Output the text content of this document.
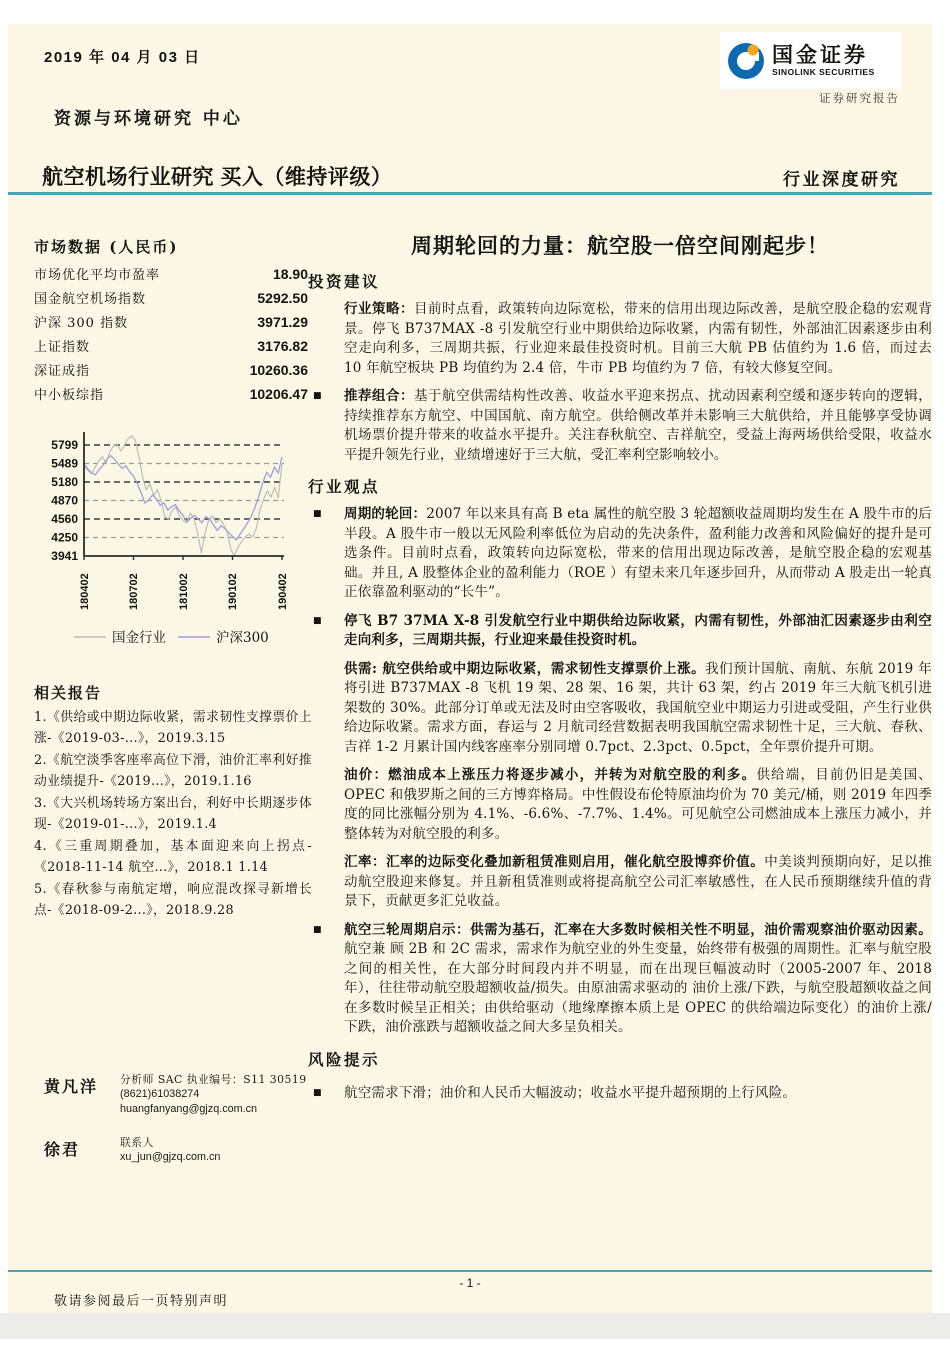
2019 年 04 月 03 日	国金证券
SINOLINK SECURITIES
证券研究报告
资源与环境研究 中心
航空机场行业研究 买入（维持评级）	行业深度研究
市场数据 (人民币)
市场优化平均市盈率	18.90
国金航空机场指数	5292.50
沪深 300 指数	3971.29
上证指数	3176.82
深证成指	10260.36
中小板综指	10206.47
5799
5489
5180
4870
4560
4250
3941
180402	180702	181002	190102	190402
国金行业	沪深300
相关报告
1.《供给或中期边际收紧，需求韧性支撑票价上涨-《2019-03-...》，2019.3.15
2.《航空淡季客座率高位下滑，油价汇率利好推动业绩提升-《2019...》，2019.1.16
3.《大兴机场转场方案出台，利好中长期逐步体现-《2019-01-...》，2019.1.4
4.《三重周期叠加，基本面迎来向上拐点-《2018-11-14 航空...》，2018.1 1.14
5.《春秋参与南航定增，响应混改探寻新增长点-《2018-09-2...》，2018.9.28
黄凡洋	分析师 SAC 执业编号：S11 30519
(8621)61038274
huangfanyang@gjzq.com.cn
徐君	联系人
xu_jun@gjzq.com.cn
周期轮回的力量：航空股一倍空间刚起步！
投资建议

行业策略：目前时点看，政策转向边际宽松，带来的信用出现边际改善，是航空股企稳的宏观背景。停飞 B737MAX -8 引发航空行业中期供给边际收紧，内需有韧性，外部油汇因素逐步由利空走向利多，三周期共振，行业迎来最佳投资时机。目前三大航 PB 估值约为 1.6 倍，而过去 10 年航空板块 PB 均值约为 2.4 倍，牛市 PB 均值约为 7 倍，有较大修复空间。

■ 推荐组合：基于航空供需结构性改善、收益水平迎来拐点、扰动因素利空缓和逐步转向的逻辑，持续推荐东方航空、中国国航、南方航空。供给侧改革并未影响三大航供给，并且能够享受协调机场票价提升带来的收益水平提升。关注春秋航空、吉祥航空，受益上海两场供给受限，收益水平提升领先行业，业绩增速好于三大航，受汇率利空影响较小。

行业观点
■ 周期的轮回：2007 年以来具有高 B eta 属性的航空股 3 轮超额收益周期均发生在 A 股牛市的后半段。A 股牛市一般以无风险利率低位为启动的先决条件，盈利能力改善和风险偏好的提升是可选条件。目前时点看，政策转向边际宽松，带来的信用出现边际改善，是航空股企稳的宏观基础。并且, A 股整体企业的盈利能力（ROE ）有望未来几年逐步回升，从而带动 A 股走出一轮真正依靠盈利驱动的“长牛”。

■ 停飞 B7 37MA X-8 引发航空行业中期供给边际收紧，内需有韧性，外部油汇因素逐步由利空走向利多，三周期共振，行业迎来最佳投资时机。

供需: 航空供给或中期边际收紧，需求韧性支撑票价上涨。我们预计国航、南航、东航 2019 年将引进 B737MAX -8 飞机 19 架、28 架、16 架，共计 63 架，约占 2019 年三大航飞机引进架数的 30%。此部分订单或无法及时由空客吸收，我国航空业中期运力引进或受阻，产生行业供给边际收紧。需求方面，春运与 2 月航司经营数据表明我国航空需求韧性十足，三大航、春秋、吉祥 1-2 月累计国内线客座率分别同增 0.7pct、2.3pct、0.5pct，全年票价提升可期。

油价：燃油成本上涨压力将逐步减小，并转为对航空股的利多。供给端，目前仍旧是美国、OPEC 和俄罗斯之间的三方博弈格局。中性假设布伦特原油均价为 70 美元/桶，则 2019 年四季度的同比涨幅分别为 4.1%、-6.6%、-7.7%、1.4%。可见航空公司燃油成本上涨压力减小，并整体转为对航空股的利多。

汇率：汇率的边际变化叠加新租赁准则启用，催化航空股博弈价值。中美谈判预期向好，足以推动航空股迎来修复。并且新租赁准则或将提高航空公司汇率敏感性，在人民币预期继续升值的背景下，贡献更多汇兑收益。

■ 航空三轮周期启示：供需为基石，汇率在大多数时候相关性不明显，油价需观察油价驱动因素。航空兼 顾 2B 和 2C 需求，需求作为航空业的外生变量，始终带有极强的周期性。汇率与航空股之间的相关性，在大部分时间段内并不明显，而在出现巨幅波动时（2005-2007 年、2018 年），往往带动航空股超额收益/损失。由原油需求驱动的 油价上涨/下跌，与航空股超额收益之间在多数时候呈正相关；由供给驱动（地缘摩擦本质上是 OPEC 的供给端边际变化）的油价上涨/下跌，油价涨跌与超额收益之间大多呈负相关。

风险提示
■ 航空需求下滑；油价和人民币大幅波动；收益水平提升超预期的上行风险。

- 1 -
敬请参阅最后一页特别声明
